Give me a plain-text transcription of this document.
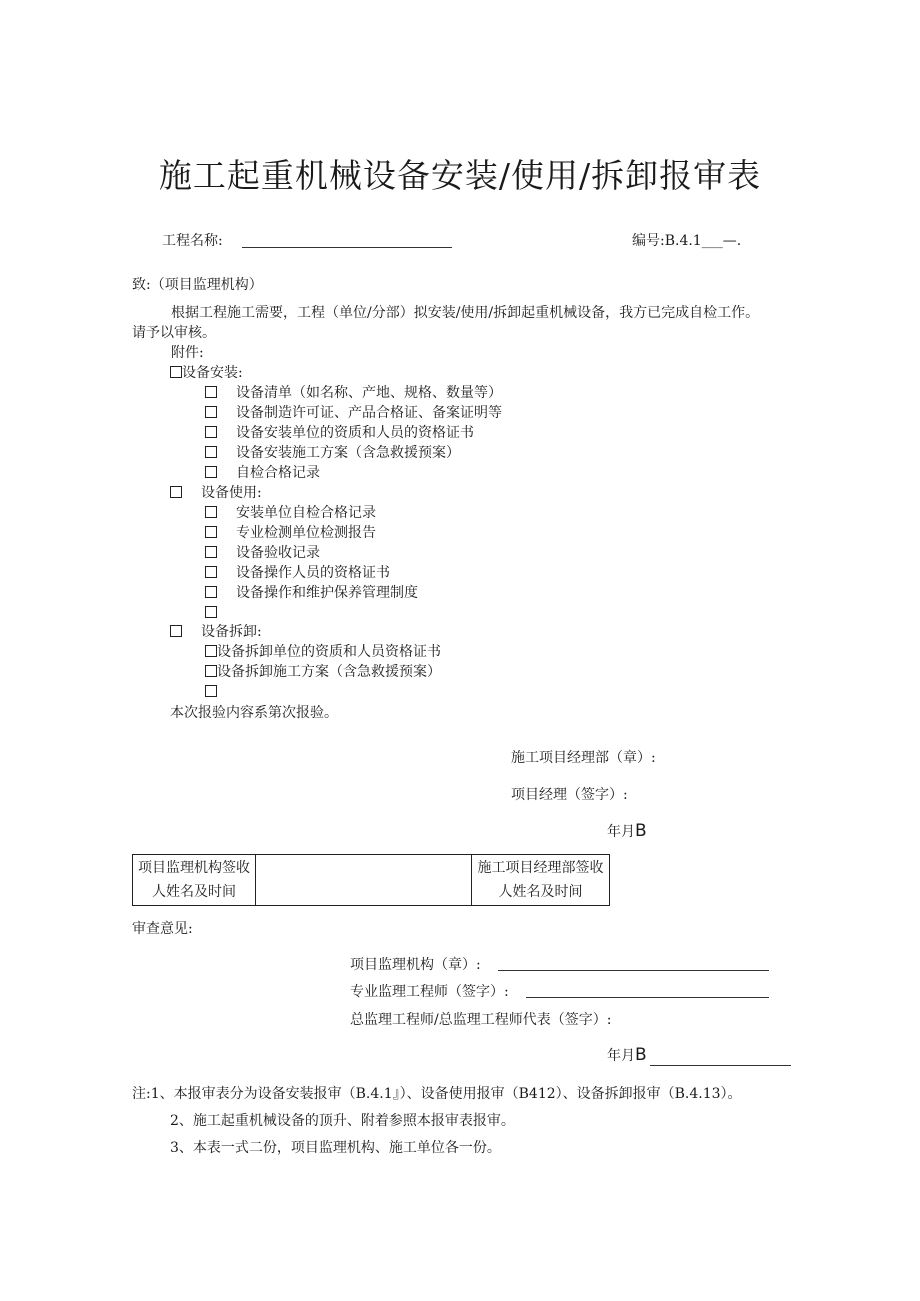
施工起重机械设备安装/使用/拆卸报审表
工程名称:	编号:B.4.1___—.
致:（项目监理机构）
根据工程施工需要，工程（单位/分部）拟安装/使用/拆卸起重机械设备，我方已完成自检工作。
请予以审核。
附件:
设备安装:
设备清单（如名称、产地、规格、数量等）
设备制造许可证、产品合格证、备案证明等
设备安装单位的资质和人员的资格证书
设备安装施工方案（含急救援预案）
自检合格记录
设备使用:
安装单位自检合格记录
专业检测单位检测报告
设备验收记录
设备操作人员的资格证书
设备操作和维护保养管理制度
设备拆卸:
设备拆卸单位的资质和人员资格证书
设备拆卸施工方案（含急救援预案）
本次报验内容系第次报验。
施工项目经理部（章）:
项目经理（签字）:
年月B
项目监理机构签收
人姓名及时间

施工项目经理部签收
人姓名及时间
审查意见:
项目监理机构（章）:
专业监理工程师（签字）:
总监理工程师/总监理工程师代表（签字）:
年月B
注:1、本报审表分为设备安装报审（B.4.1』）、设备使用报审（B412）、设备拆卸报审（B.4.13）。
2、施工起重机械设备的顶升、附着参照本报审表报审。
3、本表一式二份，项目监理机构、施工单位各一份。
